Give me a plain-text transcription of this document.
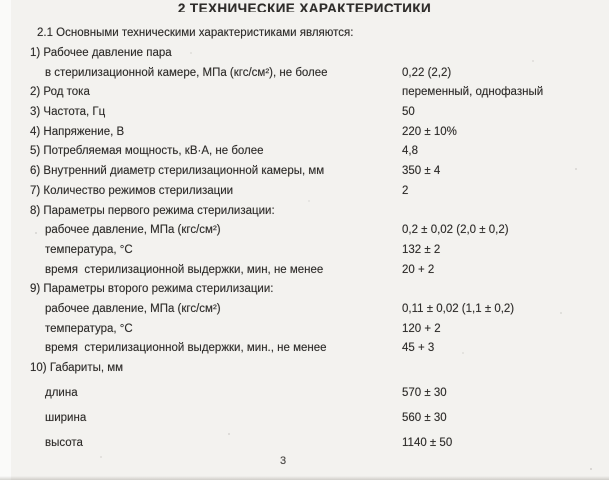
2 ТЕХНИЧЕСКИЕ ХАРАКТЕРИСТИКИ
2.1 Основными техническими характеристиками являются:
1) Рабочее давление пара
в стерилизационной камере, МПа (кгс/см²), не более	0,22 (2,2)
2) Род тока	переменный, однофазный
3) Частота, Гц	50
4) Напряжение, В	220 ± 10%
5) Потребляемая мощность, кВ·А, не более	4,8
6) Внутренний диаметр стерилизационной камеры, мм	350 ± 4
7) Количество режимов стерилизации	2
8) Параметры первого режима стерилизации:
рабочее давление, МПа (кгс/см²)	0,2 ± 0,02 (2,0 ± 0,2)
температура, °С	132 ± 2
время  стерилизационной выдержки, мин, не менее	20 + 2
9) Параметры второго режима стерилизации:
рабочее давление, МПа (кгс/см²)	0,11 ± 0,02 (1,1 ± 0,2)
температура, °С	120 + 2
время  стерилизационной выдержки, мин., не менее	45 + 3
10) Габариты, мм
длина	570 ± 30
ширина	560 ± 30
высота	1140 ± 50
3
